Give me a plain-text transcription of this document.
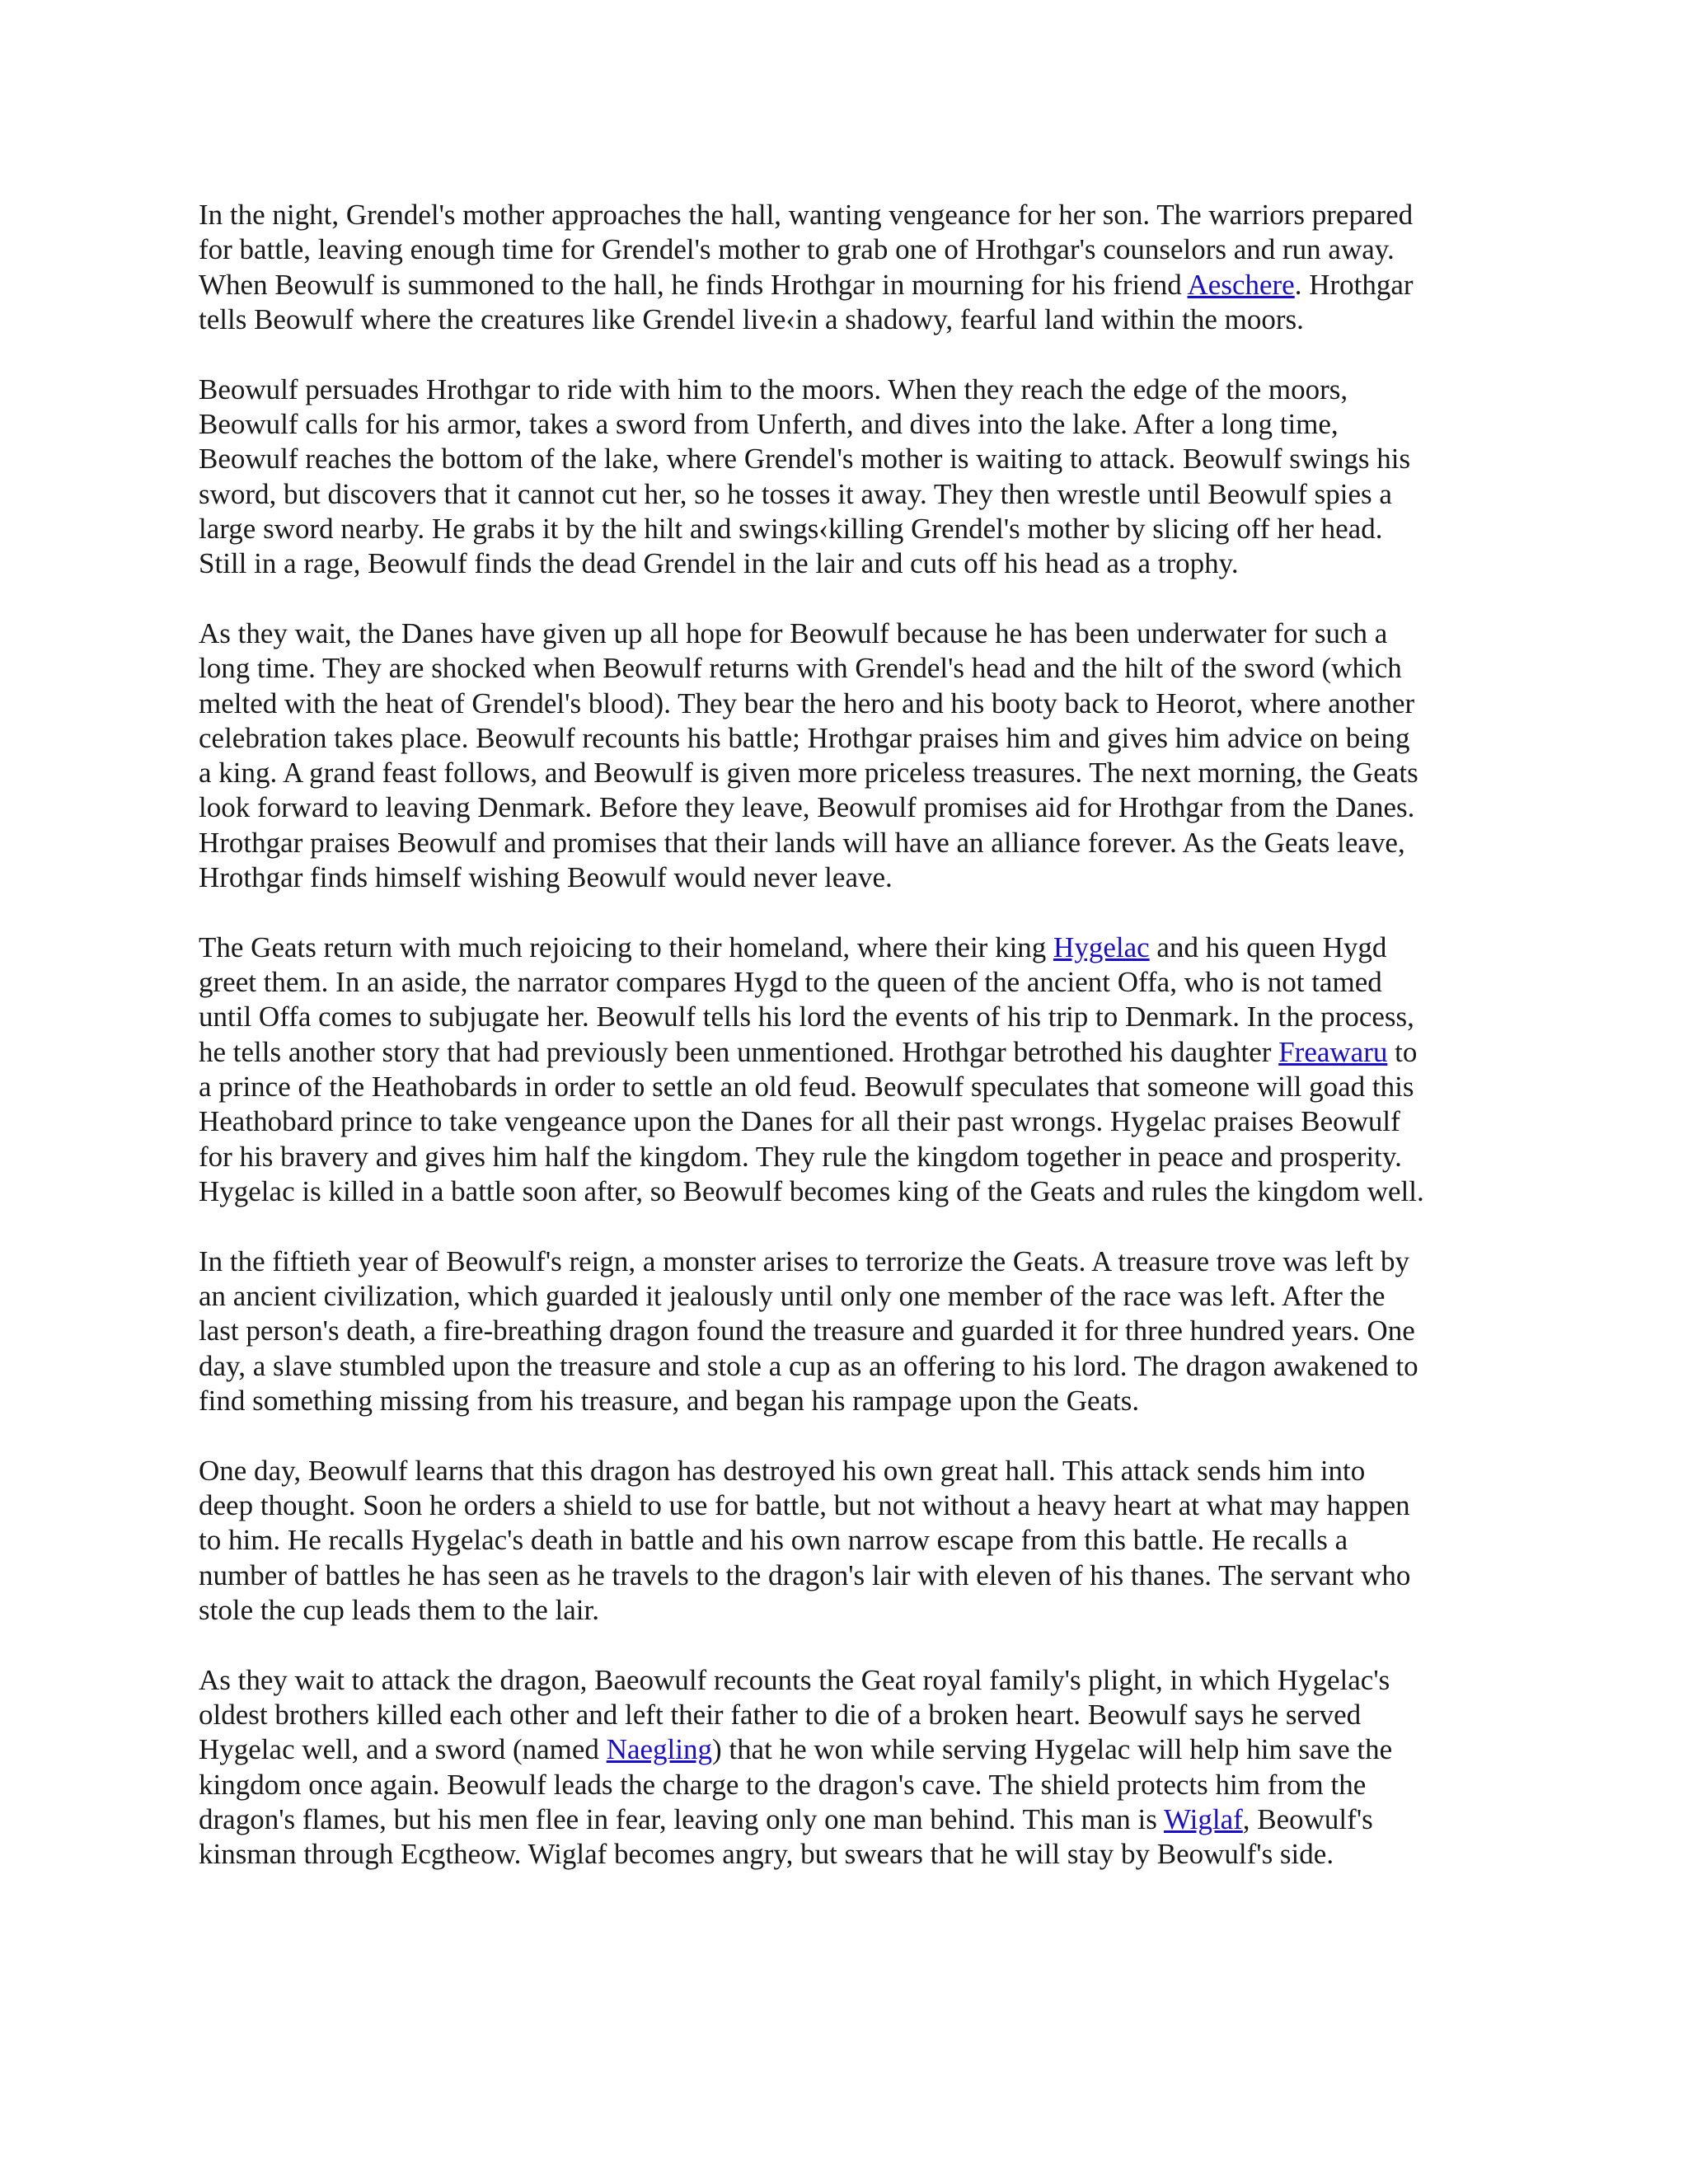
In the night, Grendel's mother approaches the hall, wanting vengeance for her son. The warriors prepared
for battle, leaving enough time for Grendel's mother to grab one of Hrothgar's counselors and run away.
When Beowulf is summoned to the hall, he finds Hrothgar in mourning for his friend Aeschere. Hrothgar
tells Beowulf where the creatures like Grendel live‹in a shadowy, fearful land within the moors.

Beowulf persuades Hrothgar to ride with him to the moors. When they reach the edge of the moors,
Beowulf calls for his armor, takes a sword from Unferth, and dives into the lake. After a long time,
Beowulf reaches the bottom of the lake, where Grendel's mother is waiting to attack. Beowulf swings his
sword, but discovers that it cannot cut her, so he tosses it away. They then wrestle until Beowulf spies a
large sword nearby. He grabs it by the hilt and swings‹killing Grendel's mother by slicing off her head.
Still in a rage, Beowulf finds the dead Grendel in the lair and cuts off his head as a trophy.

As they wait, the Danes have given up all hope for Beowulf because he has been underwater for such a
long time. They are shocked when Beowulf returns with Grendel's head and the hilt of the sword (which
melted with the heat of Grendel's blood). They bear the hero and his booty back to Heorot, where another
celebration takes place. Beowulf recounts his battle; Hrothgar praises him and gives him advice on being
a king. A grand feast follows, and Beowulf is given more priceless treasures. The next morning, the Geats
look forward to leaving Denmark. Before they leave, Beowulf promises aid for Hrothgar from the Danes.
Hrothgar praises Beowulf and promises that their lands will have an alliance forever. As the Geats leave,
Hrothgar finds himself wishing Beowulf would never leave.

The Geats return with much rejoicing to their homeland, where their king Hygelac and his queen Hygd
greet them. In an aside, the narrator compares Hygd to the queen of the ancient Offa, who is not tamed
until Offa comes to subjugate her. Beowulf tells his lord the events of his trip to Denmark. In the process,
he tells another story that had previously been unmentioned. Hrothgar betrothed his daughter Freawaru to
a prince of the Heathobards in order to settle an old feud. Beowulf speculates that someone will goad this
Heathobard prince to take vengeance upon the Danes for all their past wrongs. Hygelac praises Beowulf
for his bravery and gives him half the kingdom. They rule the kingdom together in peace and prosperity.
Hygelac is killed in a battle soon after, so Beowulf becomes king of the Geats and rules the kingdom well.

In the fiftieth year of Beowulf's reign, a monster arises to terrorize the Geats. A treasure trove was left by
an ancient civilization, which guarded it jealously until only one member of the race was left. After the
last person's death, a fire-breathing dragon found the treasure and guarded it for three hundred years. One
day, a slave stumbled upon the treasure and stole a cup as an offering to his lord. The dragon awakened to
find something missing from his treasure, and began his rampage upon the Geats.

One day, Beowulf learns that this dragon has destroyed his own great hall. This attack sends him into
deep thought. Soon he orders a shield to use for battle, but not without a heavy heart at what may happen
to him. He recalls Hygelac's death in battle and his own narrow escape from this battle. He recalls a
number of battles he has seen as he travels to the dragon's lair with eleven of his thanes. The servant who
stole the cup leads them to the lair.

As they wait to attack the dragon, Baeowulf recounts the Geat royal family's plight, in which Hygelac's
oldest brothers killed each other and left their father to die of a broken heart. Beowulf says he served
Hygelac well, and a sword (named Naegling) that he won while serving Hygelac will help him save the
kingdom once again. Beowulf leads the charge to the dragon's cave. The shield protects him from the
dragon's flames, but his men flee in fear, leaving only one man behind. This man is Wiglaf, Beowulf's
kinsman through Ecgtheow. Wiglaf becomes angry, but swears that he will stay by Beowulf's side.
